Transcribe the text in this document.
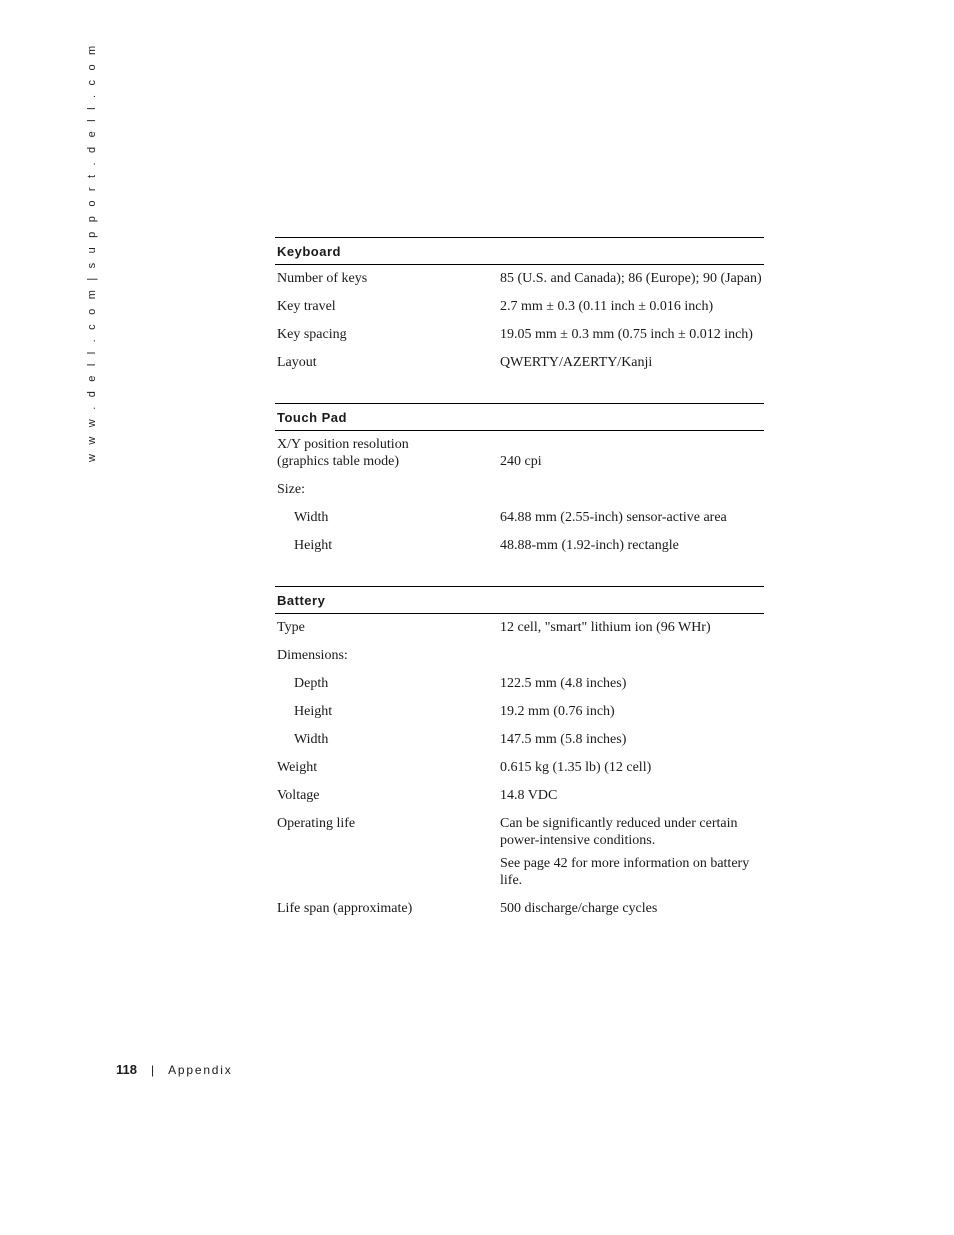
w w w . d e l l . c o m | s u p p o r t . d e l l . c o m	Keyboard
Number of keys	85 (U.S. and Canada); 86 (Europe); 90 (Japan)

Key travel	2.7 mm ± 0.3 (0.11 inch ± 0.016 inch)

Key spacing	19.05 mm ± 0.3 mm (0.75 inch ± 0.012 inch)

Layout	QWERTY/AZERTY/Kanji

Touch Pad
X/Y position resolution
(graphics table mode)	240 cpi

Size:
Width	64.88 mm (2.55-inch) sensor-active area

Height	48.88-mm (1.92-inch) rectangle

Battery
Type	12 cell, "smart" lithium ion (96 WHr)

Dimensions:
Depth	122.5 mm (4.8 inches)

Height	19.2 mm (0.76 inch)

Width	147.5 mm (5.8 inches)

Weight	0.615 kg (1.35 lb) (12 cell)

Voltage	14.8 VDC

Operating life	Can be significantly reduced under certain power-intensive conditions.

See page 42 for more information on battery life.

Life span (approximate)	500 discharge/charge cycles

118 | Appendix
